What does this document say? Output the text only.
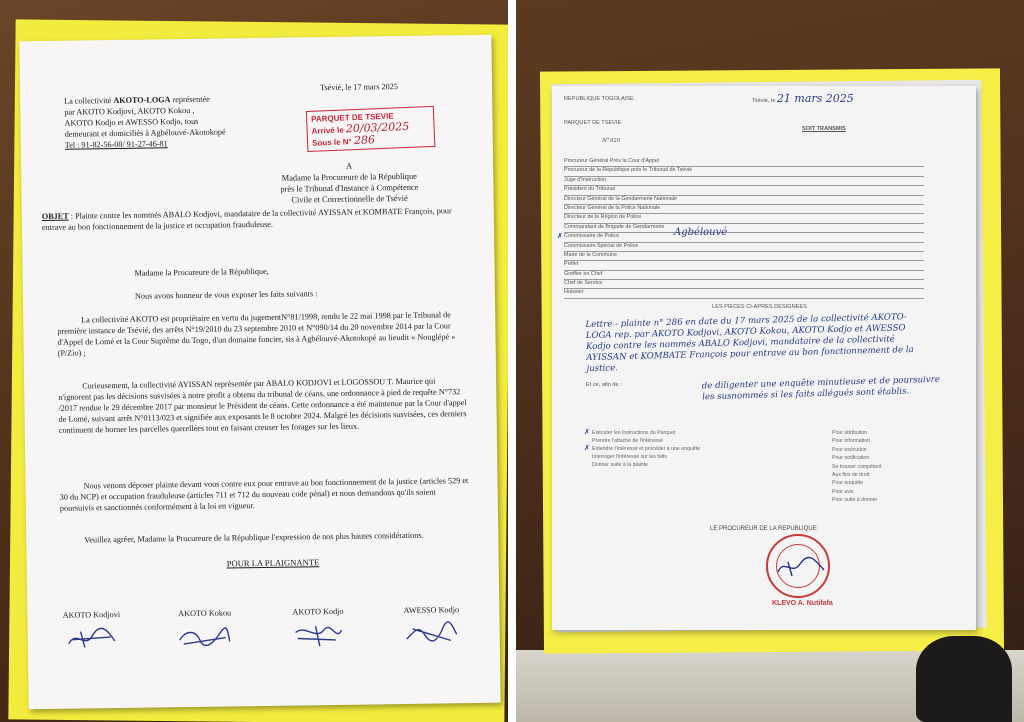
La collectivité AKOTO-LOGA représentée
par AKOTO Kodjovi, AKOTO Kokou ,
AKOTO Kodjo et AWESSO Kodjo, tous
demeurant et domiciliés à Agbélouvé-Akotokopé
Tel : 91-82-56-08/ 91-27-46-81
Tsévié, le 17 mars 2025
PARQUET DE TSEVIE
Arrivé le 20/03/2025
Sous le N° 286
A
Madame la Procureure de la République
près le Tribunal d'Instance à Compétence
Civile et Correctionnelle de Tsévié
OBJET : Plainte contre les nommés ABALO Kodjovi, mandataire de la collectivité AYISSAN et KOMBATE François, pour entrave au bon fonctionnement de la justice et occupation frauduleuse.
Madame la Procureure de la République,
Nous avons honneur de vous exposer les faits suivants :
La collectivité AKOTO est propriétaire en vertu du jugementN°81/1998, rendu le 22 mai 1998 par le Tribunal de première instance de Tsévié, des arrêts N°19/2010 du 23 septembre 2010 et N°090/14 du 20 novembre 2014 par la Cour d'Appel de Lomé et la Cour Suprême du Togo, d'un domaine foncier, sis à Agbélouvé-Akotokopé au lieudit « Nouglépé » (P/Zio) ;
Curieusement, la collectivité AYISSAN représentée par ABALO KODJOVI et LOGOSSOU T. Maurice qui n'ignorent pas les décisions susvisées à notre profit a obtenu du tribunal de céans, une ordonnance à pied de requête N°732 /2017 rendue le 29 décembre 2017 par monsieur le Président de céans. Cette ordonnance a été maintenue par la Cour d'appel de Lomé, suivant arrêt N°0113/023 et signifiée aux exposants le 8 octobre 2024. Malgré les décisions susvisées, ces derniers continuent de borner les parcelles querellées tout en faisant creuser les forages sur les lieux.
Nous venons déposer plainte devant vous contre eux pour entrave au bon fonctionnement de la justice (articles 529 et 30 du NCP) et occupation frauduleuse (articles 711 et 712 du nouveau code pénal) et nous demandons qu'ils soient poursuivis et sanctionnés conformément à la loi en vigueur.
Veuillez agréer, Madame la Procureure de la République l'expression de nos plus hautes considérations.
POUR LA PLAIGNANTE
AKOTO Kodjovi	AKOTO Kokou	AKOTO Kodjo	AWESSO Kodjo
REPUBLIQUE TOGOLAISE	Tsévié, le 21 mars 2025
PARQUET DE TSEVIE
SOIT TRANSMIS
N°920
Procureur Général Près la Cour d'Appel
Procureur de la République près le Tribunal de Tsévié
Juge d'Instruction
Président du Tribunal
Directeur Général de la Gendarmerie Nationale
Directeur Général de la Police Nationale
Directeur de la Région de Police
Commandant de Brigade de Gendarmerie
✗ Commissaire de Police	Agbélouvé
Commissaire Spécial de Police
Maire de la Commune
Préfet
Greffier en Chef
Chef de Service
Huissier
LES PIECES CI-APRES DESIGNEES
Lettre - plainte n° 286 en date du 17 mars 2025 de la collectivité AKOTO-LOGA rep. par AKOTO Kodjovi, AKOTO Kokou, AKOTO Kodjo et AWESSO Kodjo contre les nommés ABALO Kodjovi, mandataire de la collectivité AYISSAN et KOMBATE François pour entrave au bon fonctionnement de la justice.
Et ce, afin de :	de diligenter une enquête minutieuse et de poursuivre les susnommés si les faits allégués sont établis.
✗ Exécuter les Instructions du Parquet
Prendre l'attache de l'intéressé
✗ Entendre l'intéressé et procéder à une enquête
Interroger l'intéressé sur les faits
Donner suite à la plainte
Pour attribution
Pour information
Pour exécution
Pour notification
Se trouver compétent
Aux fins de droit
Pour enquête
Pour avis
Pour suite à donner
LE PROCUREUR DE LA REPUBLIQUE
KLEVO A. Nutifafa
